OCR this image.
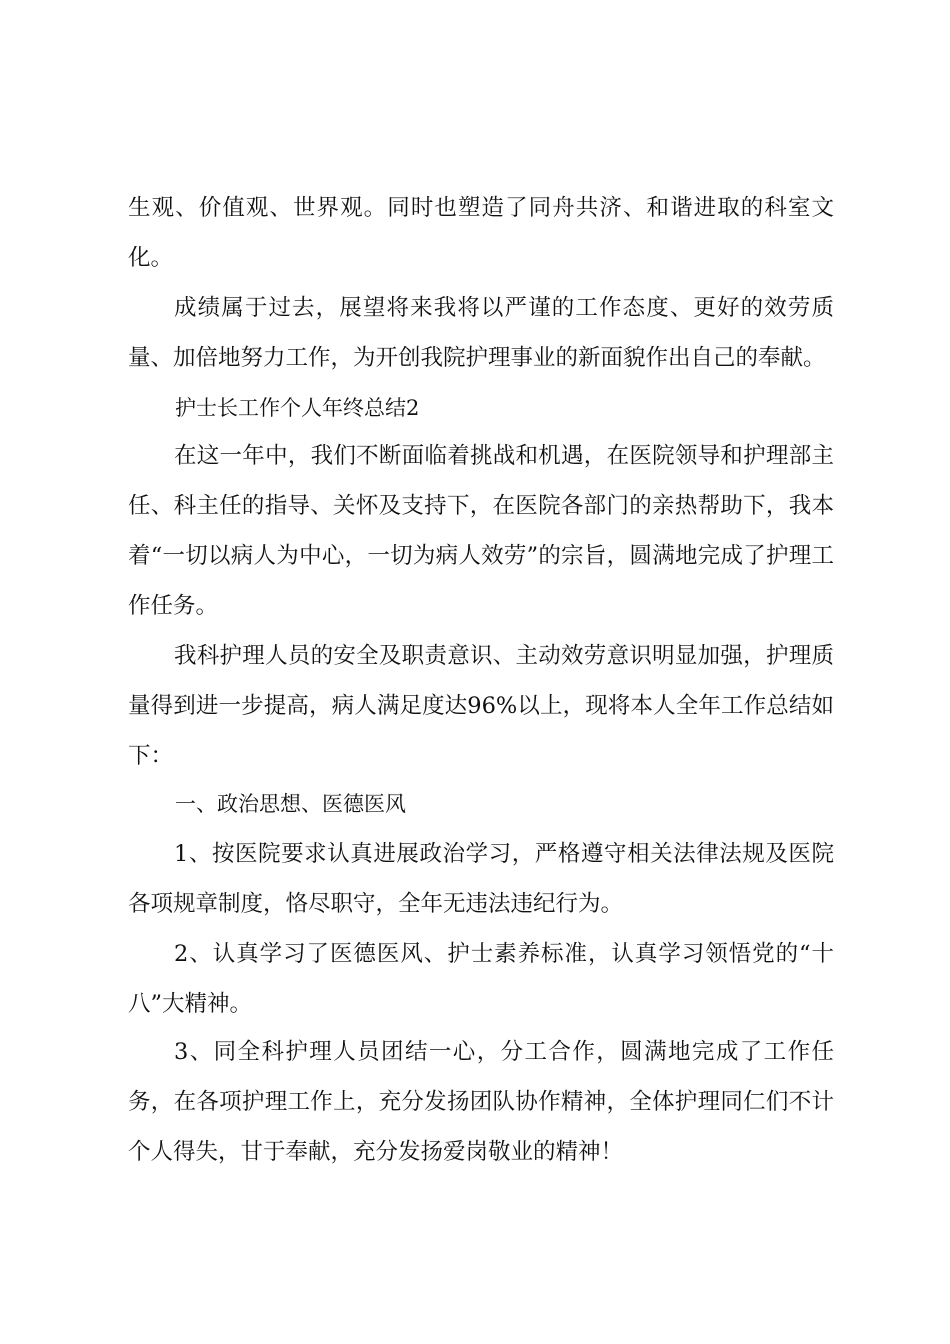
生观、价值观、世界观。同时也塑造了同舟共济、和谐进取的科室文化。

成绩属于过去，展望将来我将以严谨的工作态度、更好的效劳质量、加倍地努力工作，为开创我院护理事业的新面貌作出自己的奉献。

护士长工作个人年终总结2

在这一年中，我们不断面临着挑战和机遇，在医院领导和护理部主任、科主任的指导、关怀及支持下，在医院各部门的亲热帮助下，我本着“一切以病人为中心，一切为病人效劳”的宗旨，圆满地完成了护理工作任务。

我科护理人员的安全及职责意识、主动效劳意识明显加强，护理质量得到进一步提高，病人满足度达96%以上，现将本人全年工作总结如下：

一、政治思想、医德医风

1、按医院要求认真进展政治学习，严格遵守相关法律法规及医院各项规章制度，恪尽职守，全年无违法违纪行为。

2、认真学习了医德医风、护士素养标准，认真学习领悟党的“十八”大精神。

3、同全科护理人员团结一心，分工合作，圆满地完成了工作任务，在各项护理工作上，充分发扬团队协作精神，全体护理同仁们不计个人得失，甘于奉献，充分发扬爱岗敬业的精神！
